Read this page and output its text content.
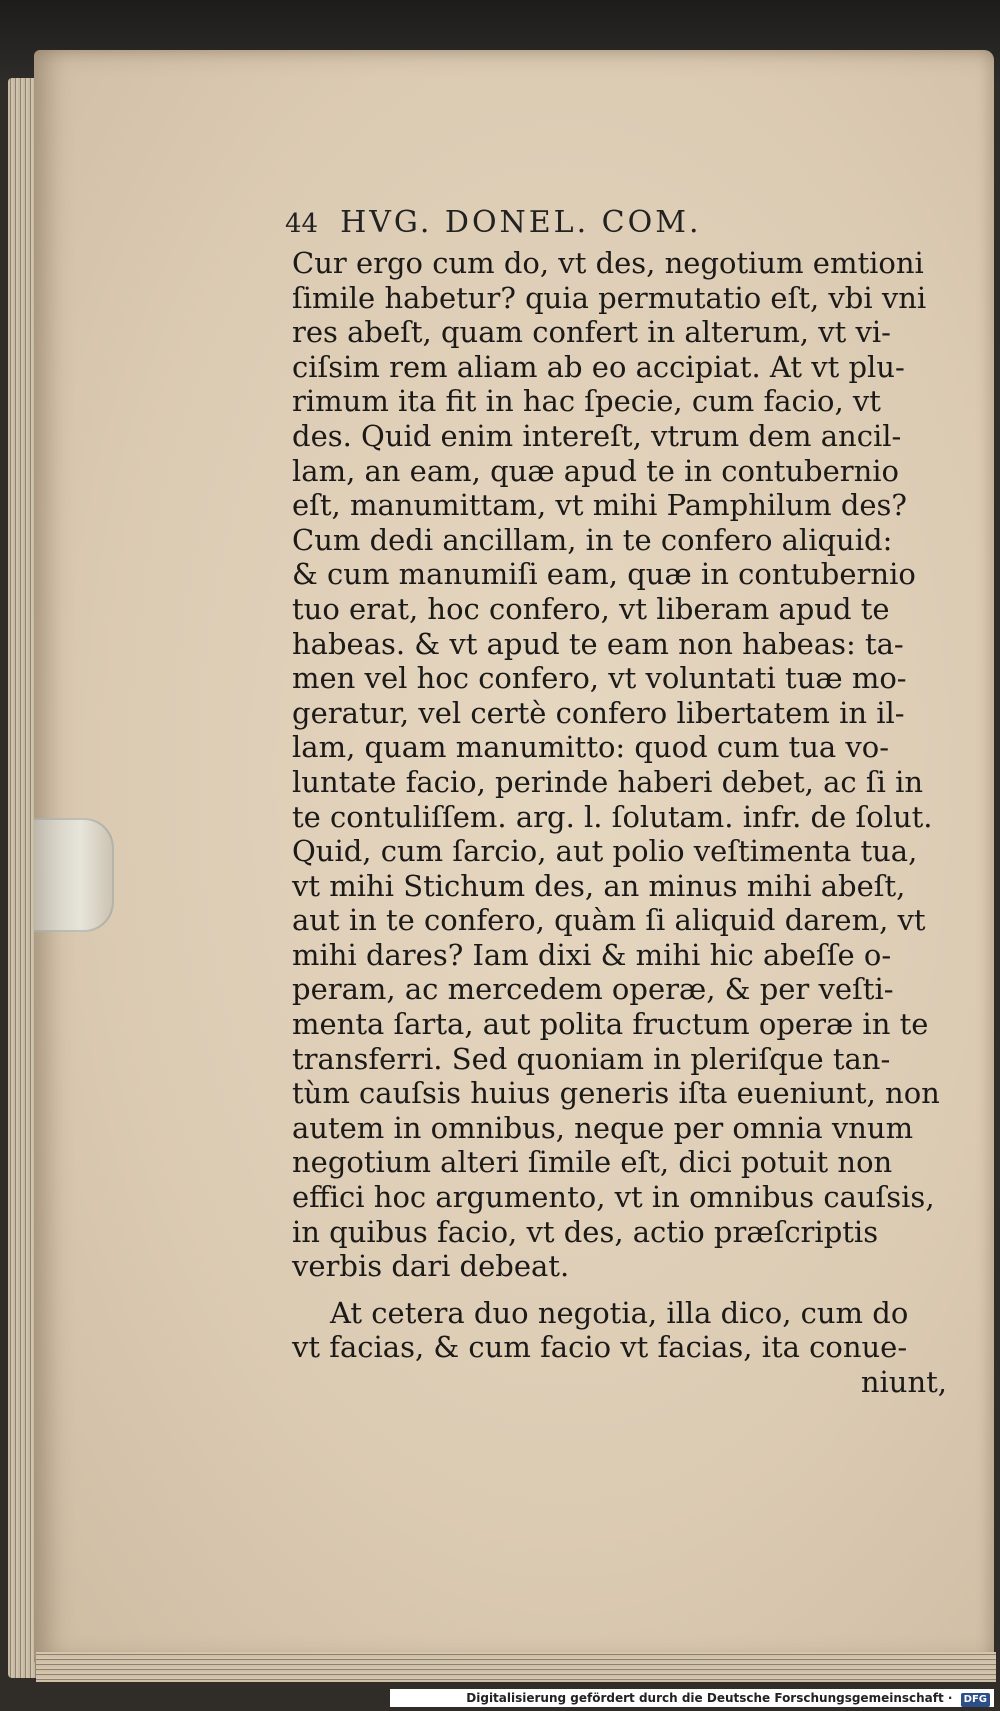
44 HVG. DONEL. COM.
Cur ergo cum do, vt des, negotium emtioni
ſimile habetur? quia permutatio eſt, vbi vni
res abeſt, quam confert in alterum, vt vi-
ciſsim rem aliam ab eo accipiat. At vt plu-
rimum ita fit in hac ſpecie, cum facio, vt
des. Quid enim intereſt, vtrum dem ancil-
lam, an eam, quæ apud te in contubernio
eſt, manumittam, vt mihi Pamphilum des?
Cum dedi ancillam, in te confero aliquid:
& cum manumiſi eam, quæ in contubernio
tuo erat, hoc confero, vt liberam apud te
habeas. & vt apud te eam non habeas: ta-
men vel hoc confero, vt voluntati tuæ mo-
geratur, vel certè confero libertatem in il-
lam, quam manumitto: quod cum tua vo-
luntate facio, perinde haberi debet, ac ſi in
te contuliſſem. arg. l. ſolutam. infr. de ſolut.
Quid, cum ſarcio, aut polio veſtimenta tua,
vt mihi Stichum des, an minus mihi abeſt,
aut in te confero, quàm ſi aliquid darem, vt
mihi dares? Iam dixi & mihi hic abeſſe o-
peram, ac mercedem operæ, & per veſti-
menta ſarta, aut polita fructum operæ in te
transferri. Sed quoniam in pleriſque tan-
tùm cauſsis huius generis iſta eueniunt, non
autem in omnibus, neque per omnia vnum
negotium alteri ſimile eſt, dici potuit non
effici hoc argumento, vt in omnibus cauſsis,
in quibus facio, vt des, actio præſcriptis
verbis dari debeat.
At cetera duo negotia, illa dico, cum do
vt facias, & cum facio vt facias, ita conue-
niunt,
Digitalisierung gefördert durch die Deutsche Forschungsgemeinschaft · DFG
